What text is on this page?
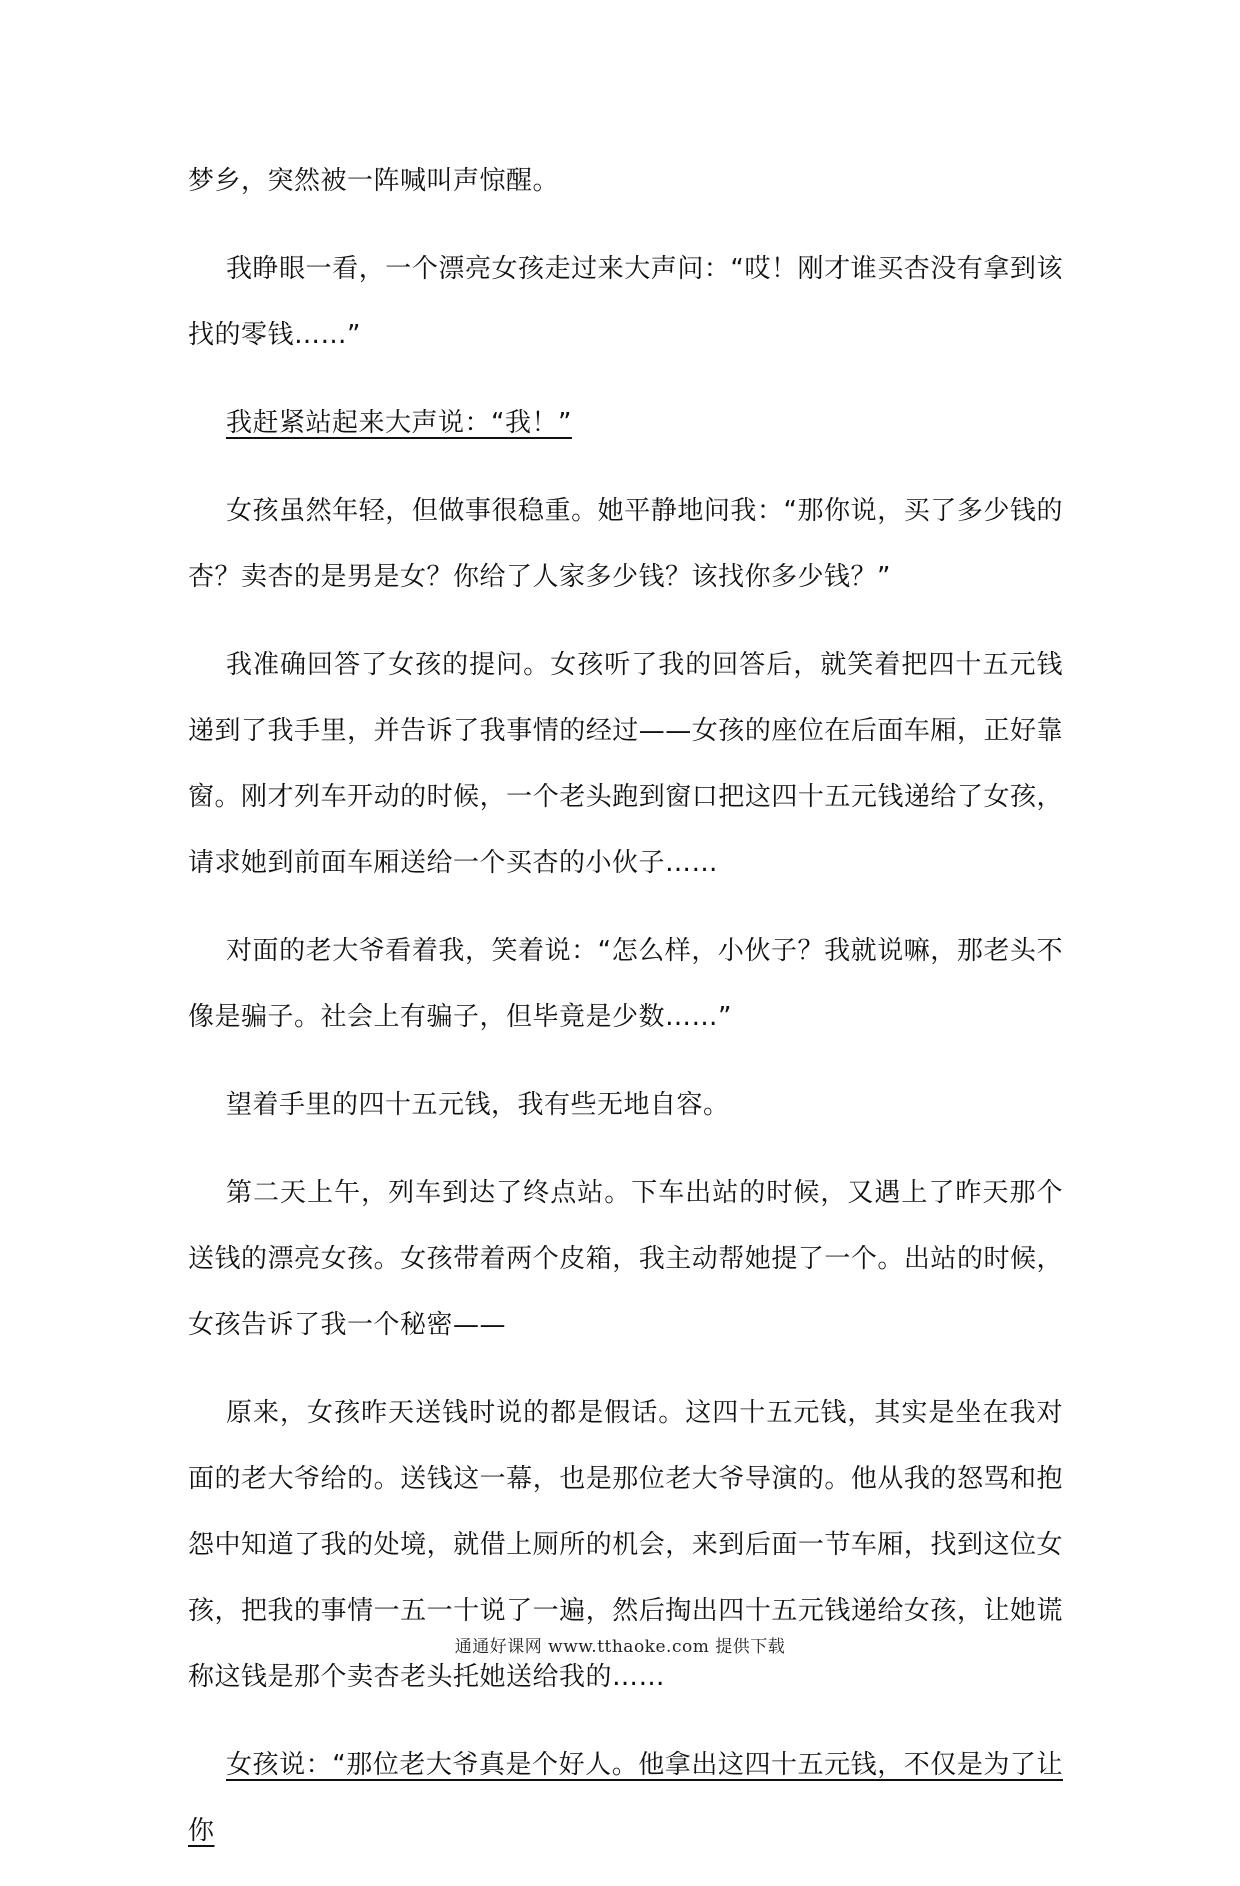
梦乡，突然被一阵喊叫声惊醒。

我睁眼一看，一个漂亮女孩走过来大声问：“哎！刚才谁买杏没有拿到该找的零钱……”

我赶紧站起来大声说：“我！”

女孩虽然年轻，但做事很稳重。她平静地问我：“那你说，买了多少钱的杏？卖杏的是男是女？你给了人家多少钱？该找你多少钱？”

我准确回答了女孩的提问。女孩听了我的回答后，就笑着把四十五元钱递到了我手里，并告诉了我事情的经过——女孩的座位在后面车厢，正好靠窗。刚才列车开动的时候，一个老头跑到窗口把这四十五元钱递给了女孩，请求她到前面车厢送给一个买杏的小伙子……

对面的老大爷看着我，笑着说：“怎么样，小伙子？我就说嘛，那老头不像是骗子。社会上有骗子，但毕竟是少数……”

望着手里的四十五元钱，我有些无地自容。

第二天上午，列车到达了终点站。下车出站的时候，又遇上了昨天那个送钱的漂亮女孩。女孩带着两个皮箱，我主动帮她提了一个。出站的时候，女孩告诉了我一个秘密——

原来，女孩昨天送钱时说的都是假话。这四十五元钱，其实是坐在我对面的老大爷给的。送钱这一幕，也是那位老大爷导演的。他从我的怒骂和抱怨中知道了我的处境，就借上厕所的机会，来到后面一节车厢，找到这位女孩，把我的事情一五一十说了一遍，然后掏出四十五元钱递给女孩，让她谎称这钱是那个卖杏老头托她送给我的……

女孩说：“那位老大爷真是个好人。他拿出这四十五元钱，不仅是为了让你

通通好课网 www.tthaoke.com 提供下载
